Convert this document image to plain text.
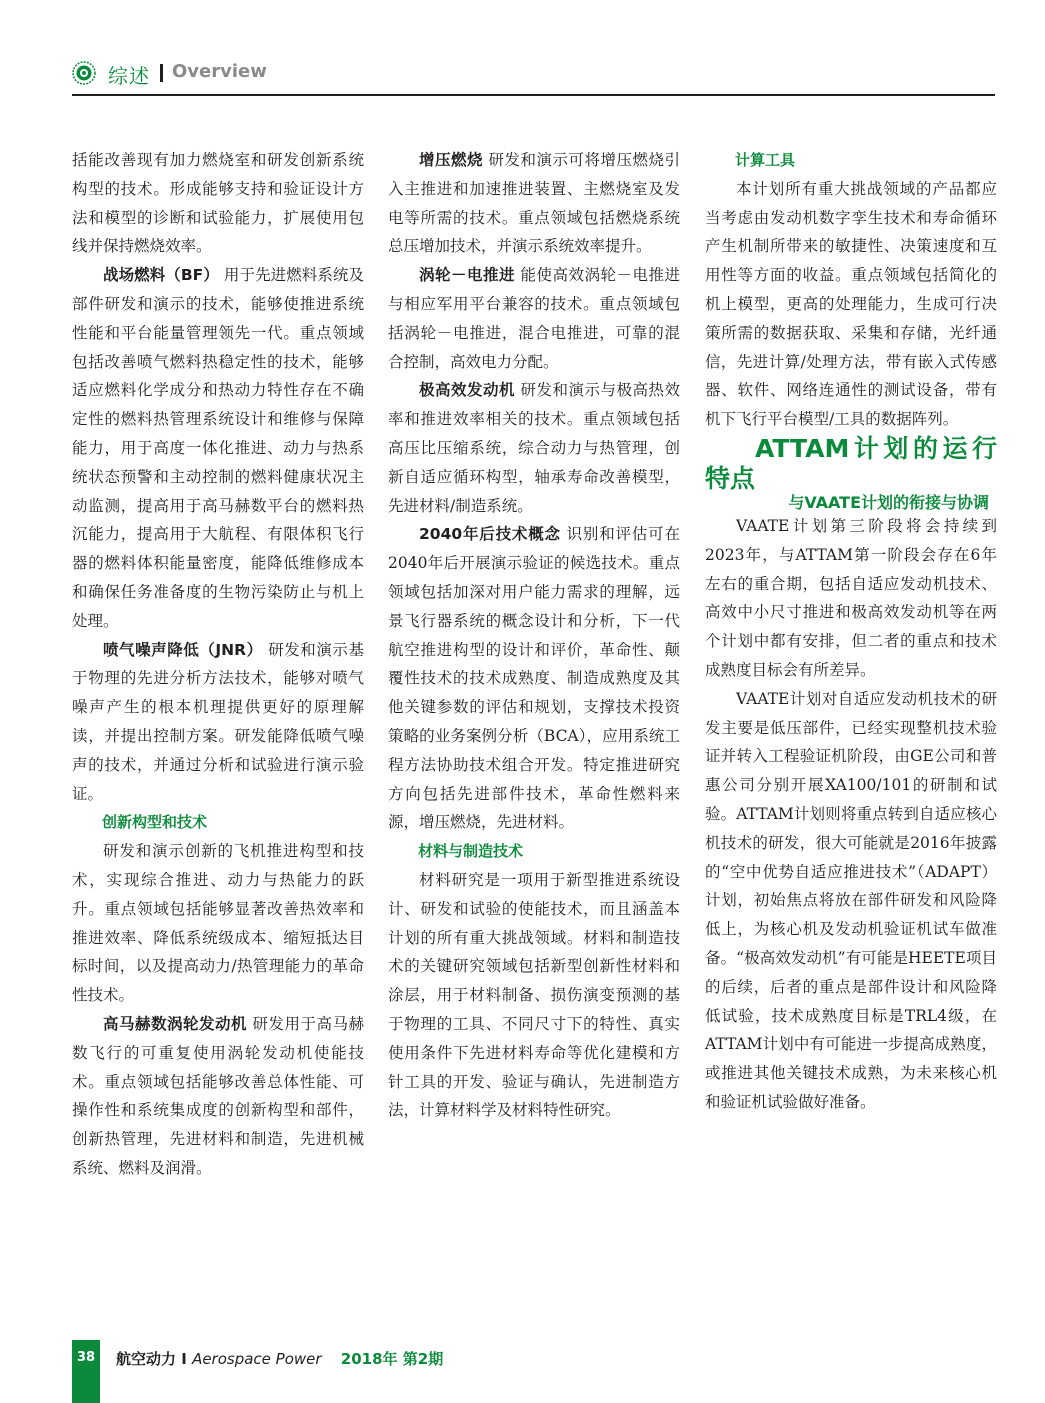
综述 Overview

括能改善现有加力燃烧室和研发创新系统构型的技术。形成能够支持和验证设计方法和模型的诊断和试验能力，扩展使用包线并保持燃烧效率。

战场燃料（BF） 用于先进燃料系统及部件研发和演示的技术，能够使推进系统性能和平台能量管理领先一代。重点领域包括改善喷气燃料热稳定性的技术，能够适应燃料化学成分和热动力特性存在不确定性的燃料热管理系统设计和维修与保障能力，用于高度一体化推进、动力与热系统状态预警和主动控制的燃料健康状况主动监测，提高用于高马赫数平台的燃料热沉能力，提高用于大航程、有限体积飞行器的燃料体积能量密度，能降低维修成本和确保任务准备度的生物污染防止与机上处理。

喷气噪声降低（JNR） 研发和演示基于物理的先进分析方法技术，能够对喷气噪声产生的根本机理提供更好的原理解读，并提出控制方案。研发能降低喷气噪声的技术，并通过分析和试验进行演示验证。

创新构型和技术

研发和演示创新的飞机推进构型和技术，实现综合推进、动力与热能力的跃升。重点领域包括能够显著改善热效率和推进效率、降低系统级成本、缩短抵达目标时间，以及提高动力/热管理能力的革命性技术。

高马赫数涡轮发动机 研发用于高马赫数飞行的可重复使用涡轮发动机使能技术。重点领域包括能够改善总体性能、可操作性和系统集成度的创新构型和部件，创新热管理，先进材料和制造，先进机械系统、燃料及润滑。

增压燃烧 研发和演示可将增压燃烧引入主推进和加速推进装置、主燃烧室及发电等所需的技术。重点领域包括燃烧系统总压增加技术，并演示系统效率提升。

涡轮－电推进 能使高效涡轮－电推进与相应军用平台兼容的技术。重点领域包括涡轮－电推进，混合电推进，可靠的混合控制，高效电力分配。

极高效发动机 研发和演示与极高热效率和推进效率相关的技术。重点领域包括高压比压缩系统，综合动力与热管理，创新自适应循环构型，轴承寿命改善模型，先进材料/制造系统。

2040年后技术概念 识别和评估可在2040年后开展演示验证的候选技术。重点领域包括加深对用户能力需求的理解，远景飞行器系统的概念设计和分析，下一代航空推进构型的设计和评价，革命性、颠覆性技术的技术成熟度、制造成熟度及其他关键参数的评估和规划，支撑技术投资策略的业务案例分析（BCA），应用系统工程方法协助技术组合开发。特定推进研究方向包括先进部件技术，革命性燃料来源，增压燃烧，先进材料。

材料与制造技术

材料研究是一项用于新型推进系统设计、研发和试验的使能技术，而且涵盖本计划的所有重大挑战领域。材料和制造技术的关键研究领域包括新型创新性材料和涂层，用于材料制备、损伤演变预测的基于物理的工具、不同尺寸下的特性、真实使用条件下先进材料寿命等优化建模和方针工具的开发、验证与确认，先进制造方法，计算材料学及材料特性研究。

计算工具

本计划所有重大挑战领域的产品都应当考虑由发动机数字孪生技术和寿命循环产生机制所带来的敏捷性、决策速度和互用性等方面的收益。重点领域包括简化的机上模型，更高的处理能力，生成可行决策所需的数据获取、采集和存储，光纤通信，先进计算/处理方法，带有嵌入式传感器、软件、网络连通性的测试设备，带有机下飞行平台模型/工具的数据阵列。

ATTAM计划的运行特点

与VAATE计划的衔接与协调

VAATE计划第三阶段将会持续到2023年，与ATTAM第一阶段会存在6年左右的重合期，包括自适应发动机技术、高效中小尺寸推进和极高效发动机等在两个计划中都有安排，但二者的重点和技术成熟度目标会有所差异。

VAATE计划对自适应发动机技术的研发主要是低压部件，已经实现整机技术验证并转入工程验证机阶段，由GE公司和普惠公司分别开展XA100/101的研制和试验。ATTAM计划则将重点转到自适应核心机技术的研发，很大可能就是2016年披露的“空中优势自适应推进技术”（ADAPT）计划，初始焦点将放在部件研发和风险降低上，为核心机及发动机验证机试车做准备。“极高效发动机”有可能是HEETE项目的后续，后者的重点是部件设计和风险降低试验，技术成熟度目标是TRL4级，在ATTAM计划中有可能进一步提高成熟度，或推进其他关键技术成熟，为未来核心机和验证机试验做好准备。

38	航空动力 I Aerospace Power 2018年 第2期
